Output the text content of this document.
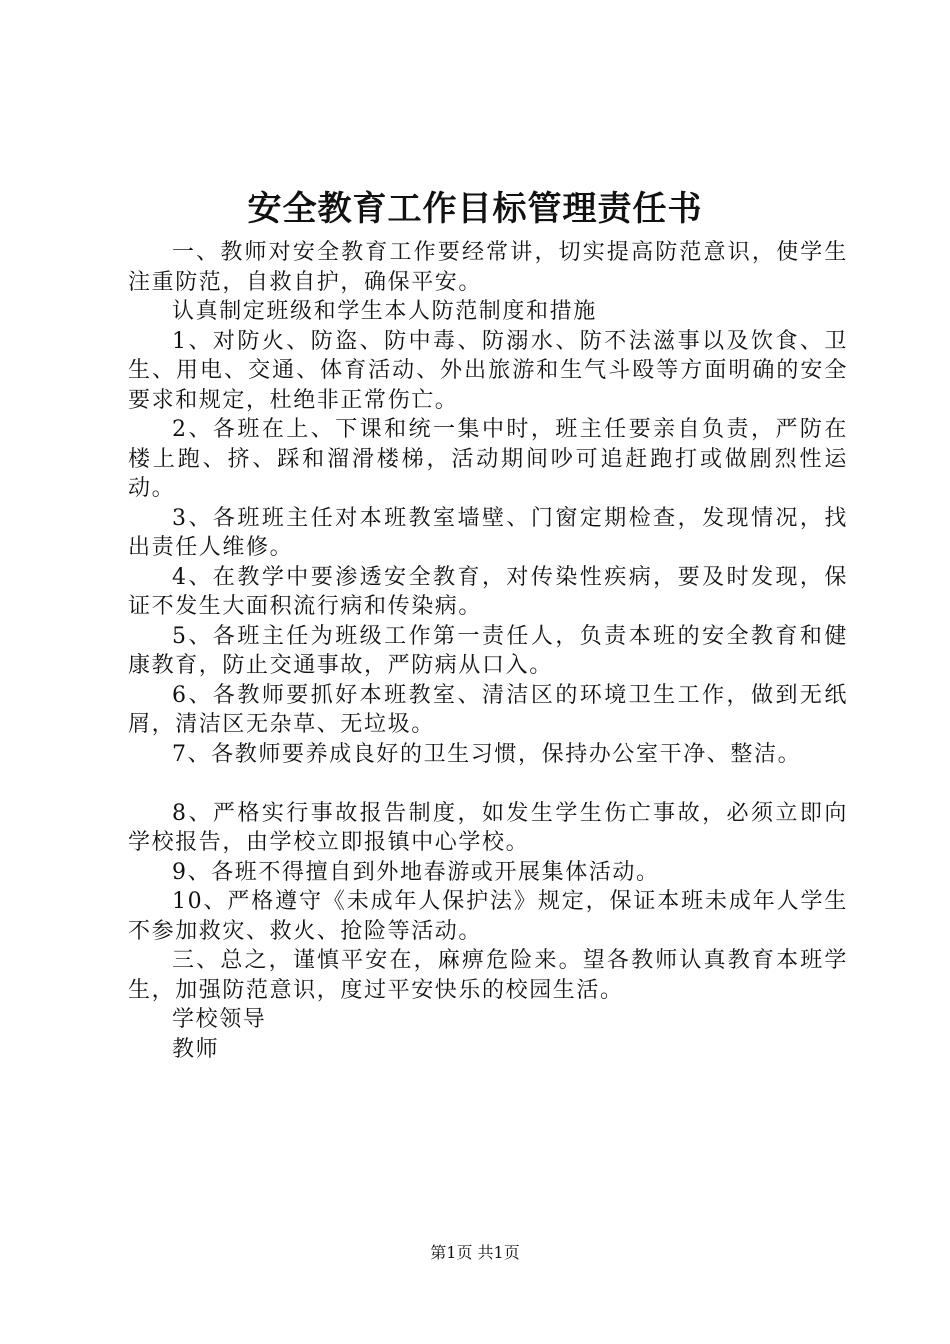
安全教育工作目标管理责任书

一、教师对安全教育工作要经常讲，切实提高防范意识，使学生注重防范，自救自护，确保平安。

认真制定班级和学生本人防范制度和措施

1、对防火、防盗、防中毒、防溺水、防不法滋事以及饮食、卫生、用电、交通、体育活动、外出旅游和生气斗殴等方面明确的安全要求和规定，杜绝非正常伤亡。

2、各班在上、下课和统一集中时，班主任要亲自负责，严防在楼上跑、挤、踩和溜滑楼梯，活动期间吵可追赶跑打或做剧烈性运动。

3、各班班主任对本班教室墙壁、门窗定期检查，发现情况，找出责任人维修。

4、在教学中要渗透安全教育，对传染性疾病，要及时发现，保证不发生大面积流行病和传染病。

5、各班主任为班级工作第一责任人，负责本班的安全教育和健康教育，防止交通事故，严防病从口入。

6、各教师要抓好本班教室、清洁区的环境卫生工作，做到无纸屑，清洁区无杂草、无垃圾。

7、各教师要养成良好的卫生习惯，保持办公室干净、整洁。

8、严格实行事故报告制度，如发生学生伤亡事故，必须立即向学校报告，由学校立即报镇中心学校。

9、各班不得擅自到外地春游或开展集体活动。

10、严格遵守《未成年人保护法》规定，保证本班未成年人学生不参加救灾、救火、抢险等活动。

三、总之，谨慎平安在，麻痹危险来。望各教师认真教育本班学生，加强防范意识，度过平安快乐的校园生活。

学校领导

教师

第1页 共1页
